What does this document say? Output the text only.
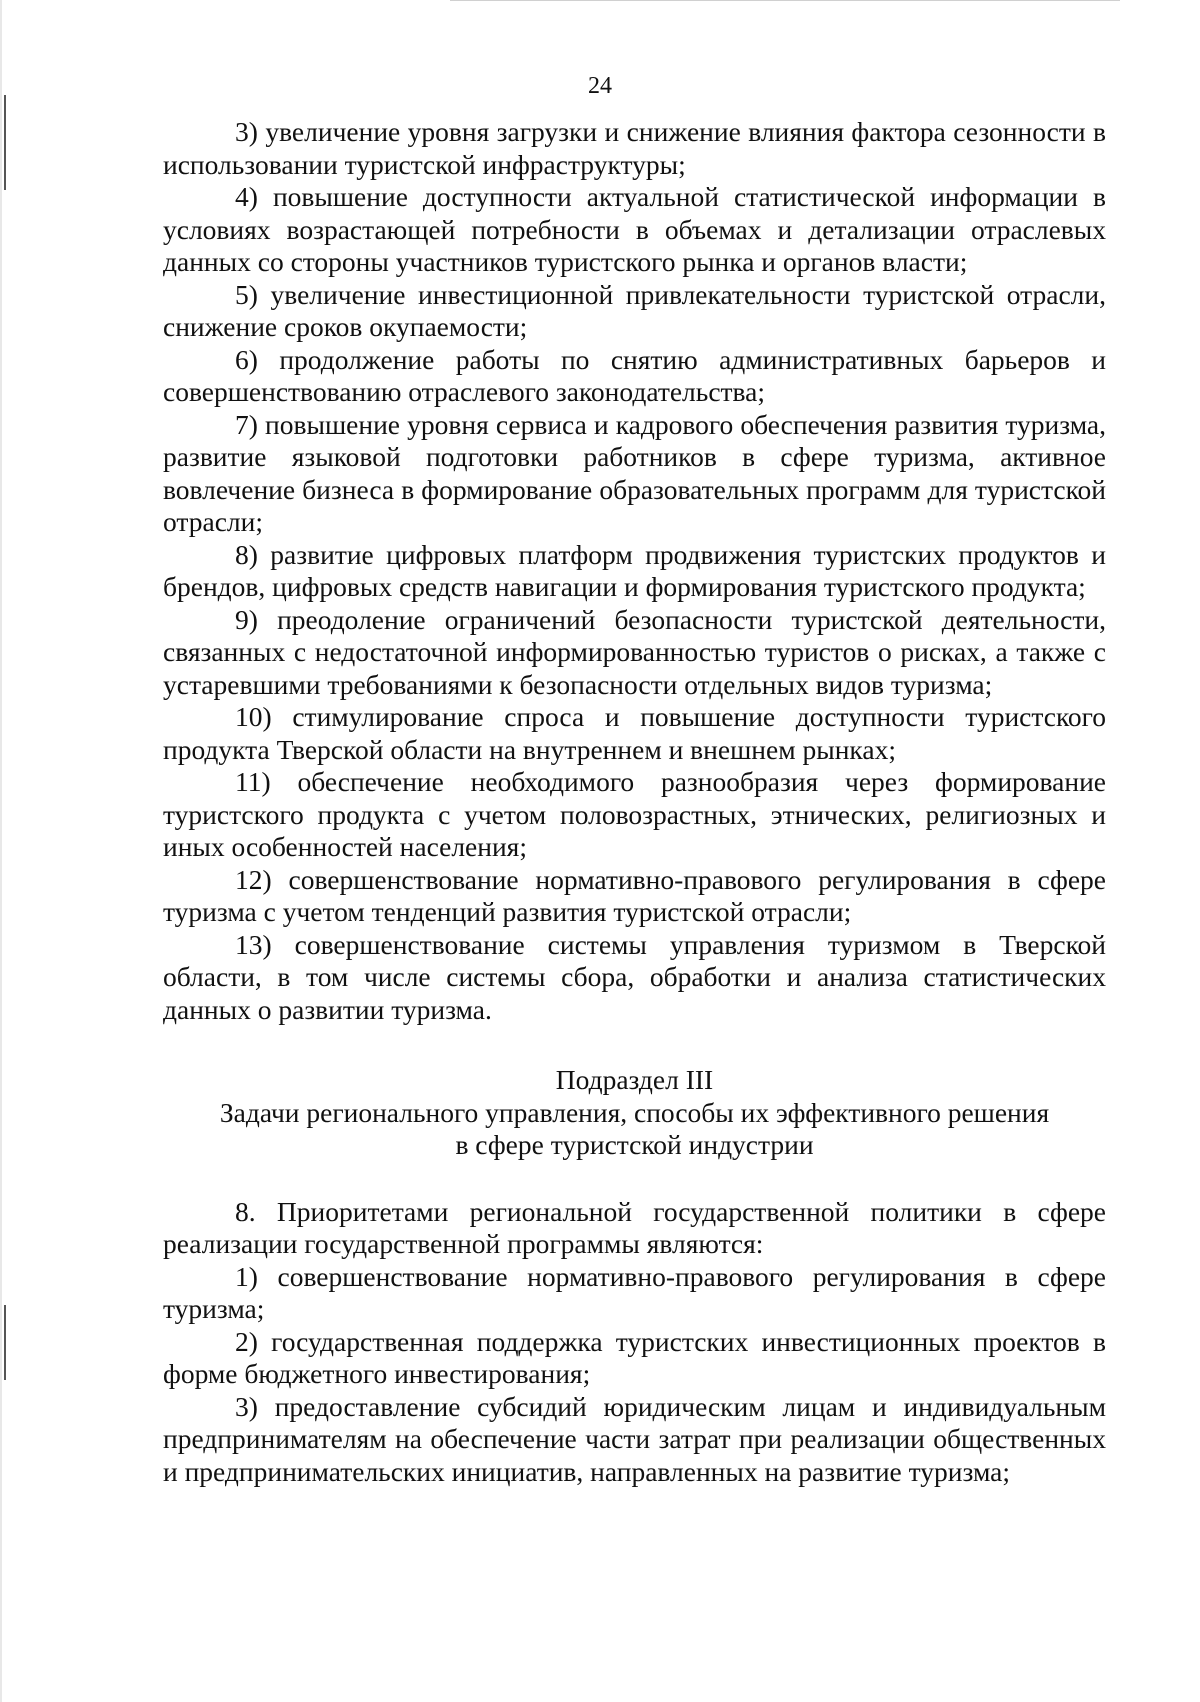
24

3) увеличение уровня загрузки и снижение влияния фактора сезонности в использовании туристской инфраструктуры;

4) повышение доступности актуальной статистической информации в условиях возрастающей потребности в объемах и детализации отраслевых данных со стороны участников туристского рынка и органов власти;

5) увеличение инвестиционной привлекательности туристской отрасли, снижение сроков окупаемости;

6) продолжение работы по снятию административных барьеров и совершенствованию отраслевого законодательства;

7) повышение уровня сервиса и кадрового обеспечения развития туризма, развитие языковой подготовки работников в сфере туризма, активное вовлечение бизнеса в формирование образовательных программ для туристской отрасли;

8) развитие цифровых платформ продвижения туристских продуктов и брендов, цифровых средств навигации и формирования туристского продукта;

9) преодоление ограничений безопасности туристской деятельности, связанных с недостаточной информированностью туристов о рисках, а также с устаревшими требованиями к безопасности отдельных видов туризма;

10) стимулирование спроса и повышение доступности туристского продукта Тверской области на внутреннем и внешнем рынках;

11) обеспечение необходимого разнообразия через формирование туристского продукта с учетом половозрастных, этнических, религиозных и иных особенностей населения;

12) совершенствование нормативно-правового регулирования в сфере туризма с учетом тенденций развития туристской отрасли;

13) совершенствование системы управления туризмом в Тверской области, в том числе системы сбора, обработки и анализа статистических данных о развитии туризма.

Подраздел III
Задачи регионального управления, способы их эффективного решения
в сфере туристской индустрии

8. Приоритетами региональной государственной политики в сфере реализации государственной программы являются:

1) совершенствование нормативно-правового регулирования в сфере туризма;

2) государственная поддержка туристских инвестиционных проектов в форме бюджетного инвестирования;

3) предоставление субсидий юридическим лицам и индивидуальным предпринимателям на обеспечение части затрат при реализации общественных и предпринимательских инициатив, направленных на развитие туризма;
